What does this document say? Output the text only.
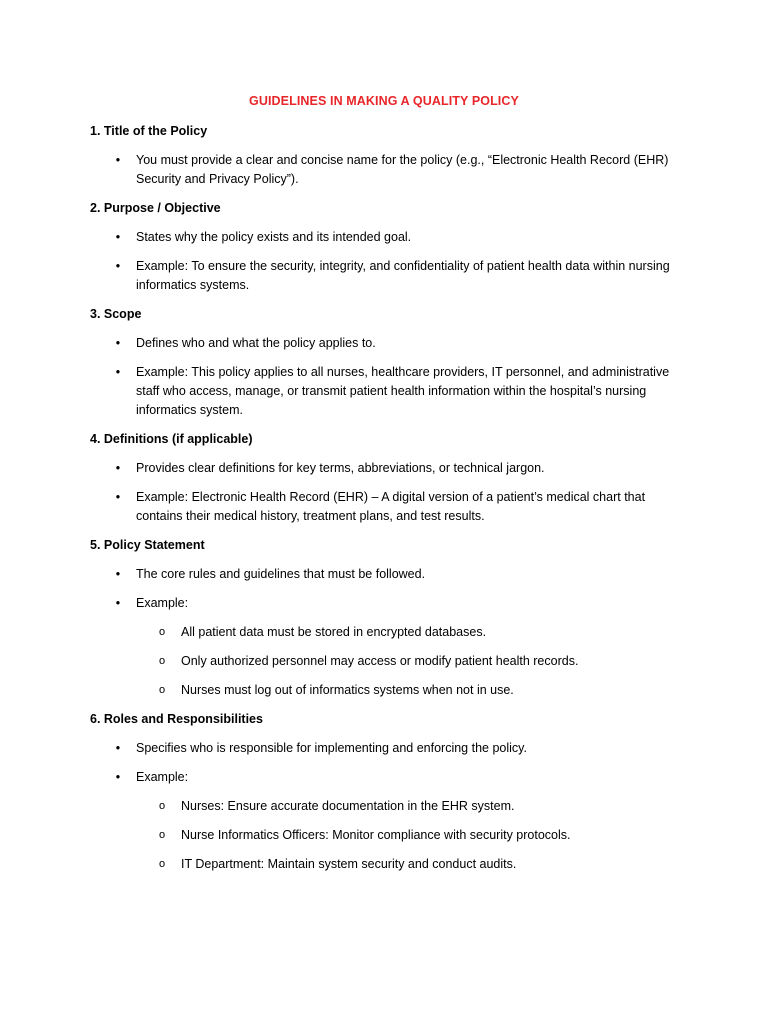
GUIDELINES IN MAKING A QUALITY POLICY
1. Title of the Policy
• You must provide a clear and concise name for the policy (e.g., “Electronic Health Record (EHR) Security and Privacy Policy”).
2. Purpose / Objective
• States why the policy exists and its intended goal.
• Example: To ensure the security, integrity, and confidentiality of patient health data within nursing informatics systems.
3. Scope
• Defines who and what the policy applies to.
• Example: This policy applies to all nurses, healthcare providers, IT personnel, and administrative staff who access, manage, or transmit patient health information within the hospital’s nursing informatics system.
4. Definitions (if applicable)
• Provides clear definitions for key terms, abbreviations, or technical jargon.
• Example: Electronic Health Record (EHR) – A digital version of a patient’s medical chart that contains their medical history, treatment plans, and test results.
5. Policy Statement
• The core rules and guidelines that must be followed.
• Example:
o All patient data must be stored in encrypted databases.
o Only authorized personnel may access or modify patient health records.
o Nurses must log out of informatics systems when not in use.
6. Roles and Responsibilities
• Specifies who is responsible for implementing and enforcing the policy.
• Example:
o Nurses: Ensure accurate documentation in the EHR system.
o Nurse Informatics Officers: Monitor compliance with security protocols.
o IT Department: Maintain system security and conduct audits.
